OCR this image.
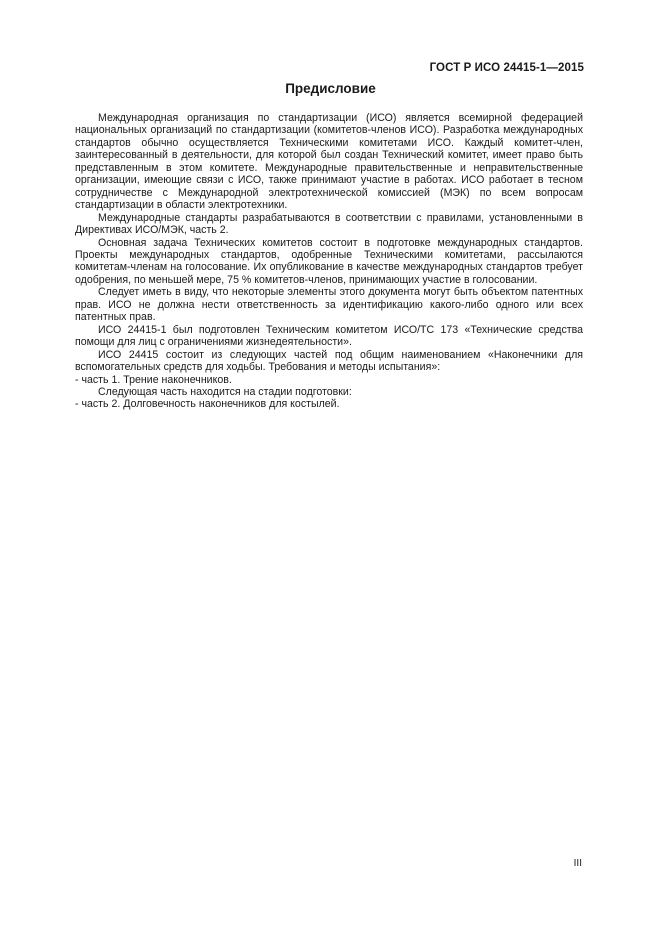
ГОСТ Р ИСО 24415-1—2015
Предисловие

Международная организация по стандартизации (ИСО) является всемирной федерацией национальных организаций по стандартизации (комитетов-членов ИСО). Разработка международных стандартов обычно осуществляется Техническими комитетами ИСО. Каждый комитет-член, заинтересованный в деятельности, для которой был создан Технический комитет, имеет право быть представленным в этом комитете. Международные правительственные и неправительственные организации, имеющие связи с ИСО, также принимают участие в работах. ИСО работает в тесном сотрудничестве с Международной электротехнической комиссией (МЭК) по всем вопросам стандартизации в области электротехники.

Международные стандарты разрабатываются в соответствии с правилами, установленными в Директивах ИСО/МЭК, часть 2.

Основная задача Технических комитетов состоит в подготовке международных стандартов. Проекты международных стандартов, одобренные Техническими комитетами, рассылаются комитетам-членам на голосование. Их опубликование в качестве международных стандартов требует одобрения, по меньшей мере, 75 % комитетов-членов, принимающих участие в голосовании.

Следует иметь в виду, что некоторые элементы этого документа могут быть объектом патентных прав. ИСО не должна нести ответственность за идентификацию какого-либо одного или всех патентных прав.

ИСО 24415-1 был подготовлен Техническим комитетом ИСО/ТС 173 «Технические средства помощи для лиц с ограничениями жизнедеятельности».

ИСО 24415 состоит из следующих частей под общим наименованием «Наконечники для вспомогательных средств для ходьбы. Требования и методы испытания»:

- часть 1. Трение наконечников.

Следующая часть находится на стадии подготовки:

- часть 2. Долговечность наконечников для костылей.

III
